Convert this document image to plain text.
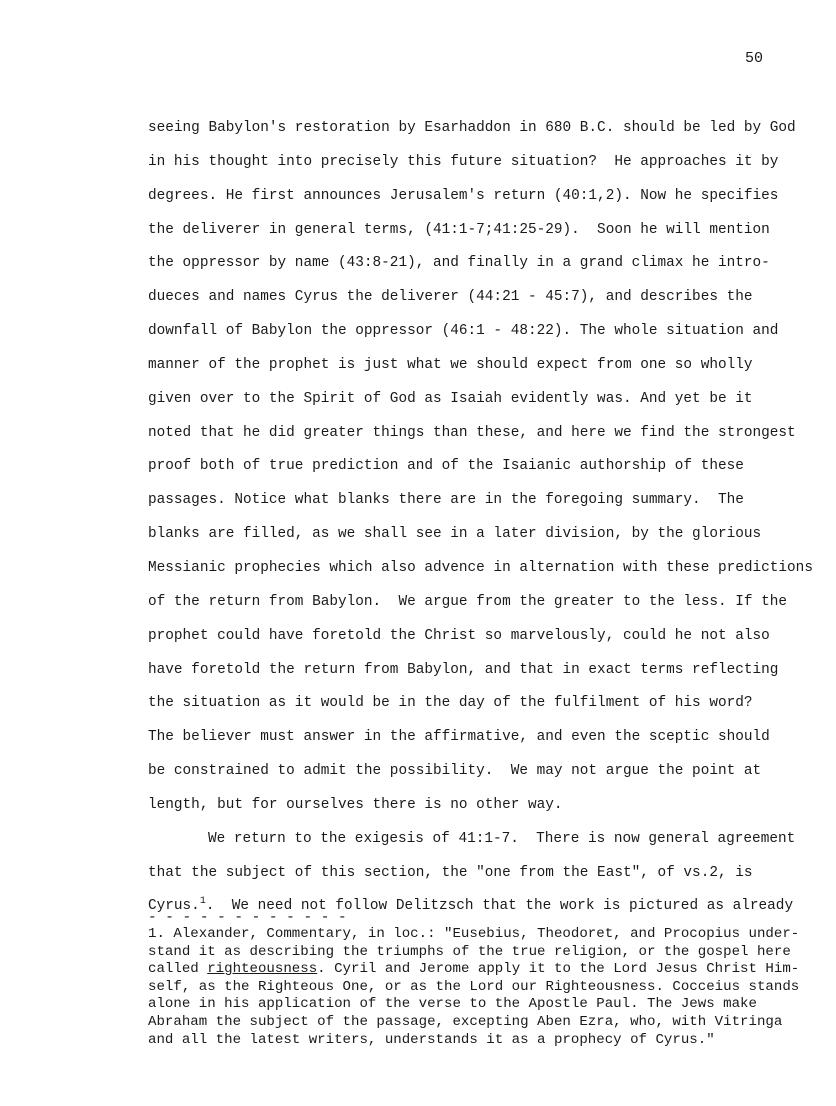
50
seeing Babylon's restoration by Esarhaddon in 680 B.C. should be led by God
in his thought into precisely this future situation?  He approaches it by
degrees. He first announces Jerusalem's return (40:1,2). Now he specifies
the deliverer in general terms, (41:1-7;41:25-29).  Soon he will mention
the oppressor by name (43:8-21), and finally in a grand climax he intro-
dueces and names Cyrus the deliverer (44:21 - 45:7), and describes the
downfall of Babylon the oppressor (46:1 - 48:22). The whole situation and
manner of the prophet is just what we should expect from one so wholly
given over to the Spirit of God as Isaiah evidently was. And yet be it
noted that he did greater things than these, and here we find the strongest
proof both of true prediction and of the Isaianic authorship of these
passages. Notice what blanks there are in the foregoing summary.  The
blanks are filled, as we shall see in a later division, by the glorious
Messianic prophecies which also advence in alternation with these predictions
of the return from Babylon.  We argue from the greater to the less. If the
prophet could have foretold the Christ so marvelously, could he not also
have foretold the return from Babylon, and that in exact terms reflecting
the situation as it would be in the day of the fulfilment of his word?
The believer must answer in the affirmative, and even the sceptic should
be constrained to admit the possibility.  We may not argue the point at
length, but for ourselves there is no other way.
We return to the exigesis of 41:1-7.  There is now general agreement
that the subject of this section, the "one from the East", of vs.2, is
Cyrus.$^1$.  We need not follow Delitzsch that the work is pictured as already
- - - - - - - - - - - -
1. Alexander, Commentary, in loc.: "Eusebius, Theodoret, and Procopius under-
stand it as describing the triumphs of the true religion, or the gospel here
called righteousness. Cyril and Jerome apply it to the Lord Jesus Christ Him-
self, as the Righteous One, or as the Lord our Righteousness. Cocceius stands
alone in his application of the verse to the Apostle Paul. The Jews make
Abraham the subject of the passage, excepting Aben Ezra, who, with Vitringa
and all the latest writers, understands it as a prophecy of Cyrus."
